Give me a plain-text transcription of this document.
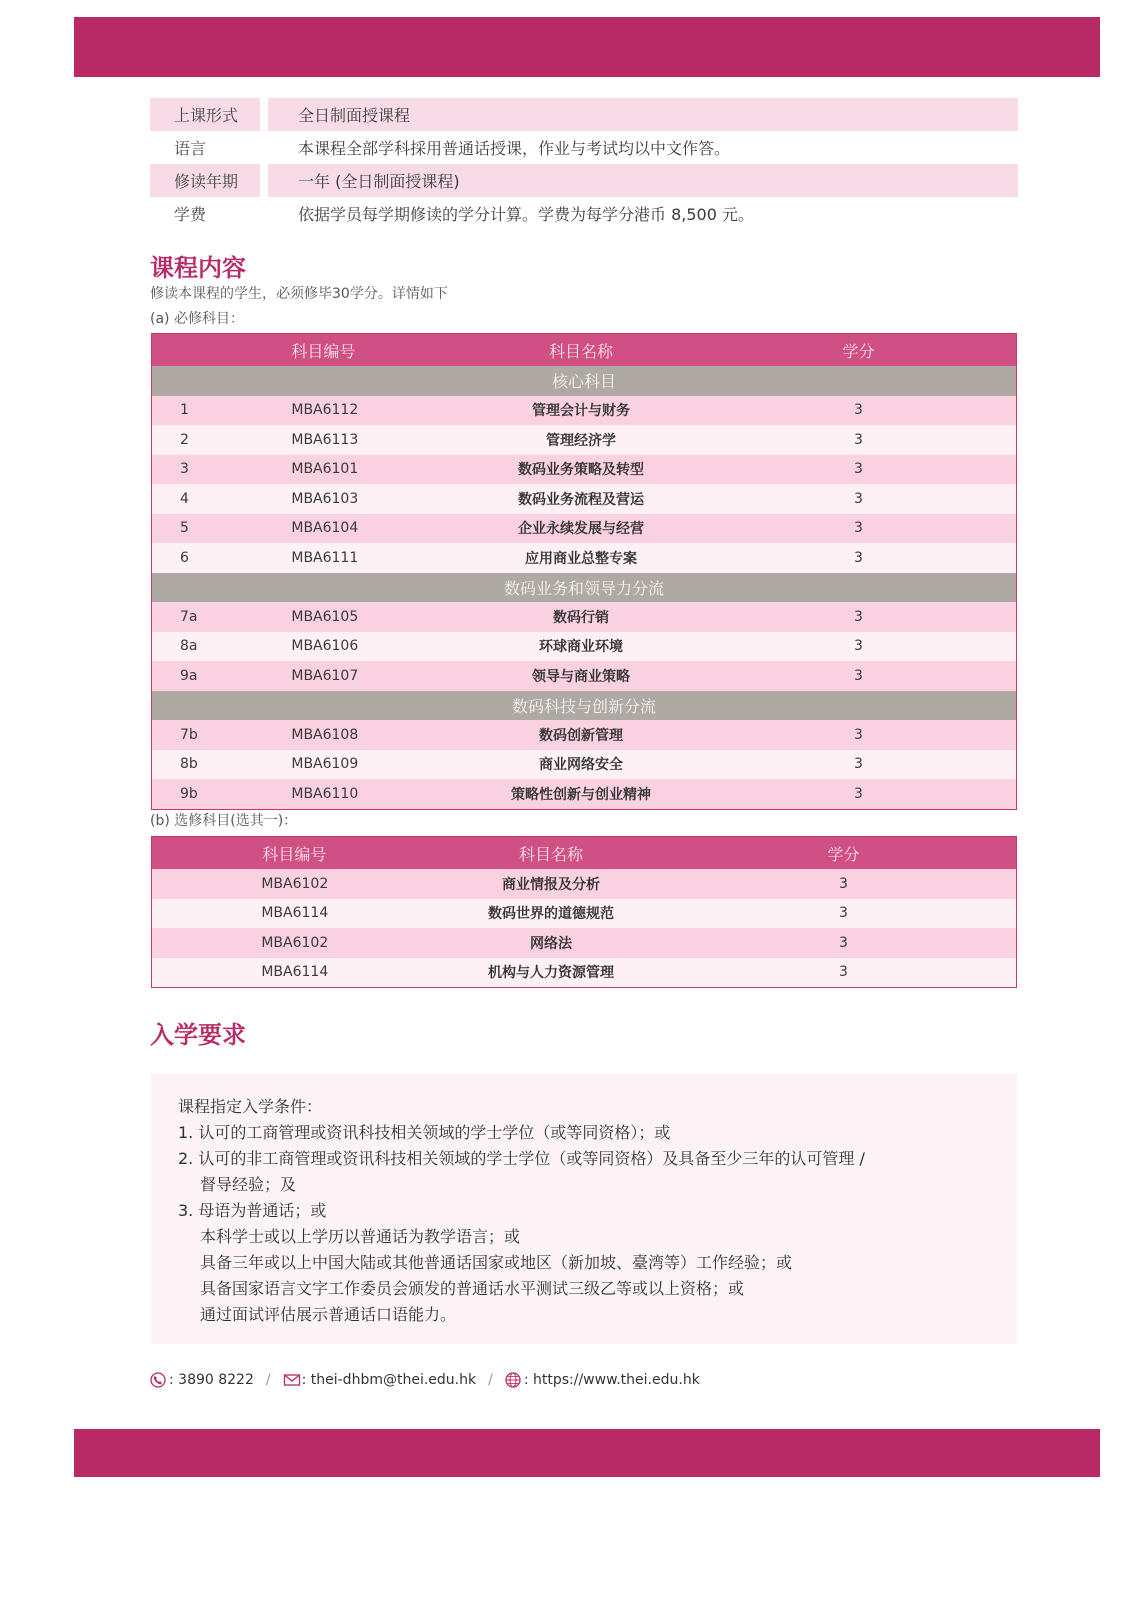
上课形式	全日制面授课程
语言	本课程全部学科採用普通话授课，作业与考试均以中文作答。
修读年期	一年 (全日制面授课程)
学费	依据学员每学期修读的学分计算。学费为每学分港币 8,500 元。
课程内容
修读本课程的学生，必须修毕30学分。详情如下
(a) 必修科目：
	科目编号	科目名称	学分
核心科目			
1	MBA6112	管理会计与财务	3
2	MBA6113	管理经济学	3
3	MBA6101	数码业务策略及转型	3
4	MBA6103	数码业务流程及营运	3
5	MBA6104	企业永续发展与经营	3
6	MBA6111	应用商业总整专案	3
数码业务和领导力分流			
7a	MBA6105	数码行销	3
8a	MBA6106	环球商业环境	3
9a	MBA6107	领导与商业策略	3
数码科技与创新分流			
7b	MBA6108	数码创新管理	3
8b	MBA6109	商业网络安全	3
9b	MBA6110	策略性创新与创业精神	3
(b) 选修科目(选其一)：
	科目编号	科目名称	学分
	MBA6102	商业情报及分析	3
	MBA6114	数码世界的道德规范	3
	MBA6102	网络法	3
	MBA6114	机构与人力资源管理	3
入学要求
课程指定入学条件：
1. 认可的工商管理或资讯科技相关领域的学士学位（或等同资格）；或
2. 认可的非工商管理或资讯科技相关领域的学士学位（或等同资格）及具备至少三年的认可管理 /
督导经验；及
3. 母语为普通话；或
本科学士或以上学历以普通话为教学语言；或
具备三年或以上中国大陆或其他普通话国家或地区（新加坡、臺湾等）工作经验；或
具备国家语言文字工作委员会颁发的普通话水平测试三级乙等或以上资格；或
通过面试评估展示普通话口语能力。
: 3890 8222 / : thei-dhbm@thei.edu.hk / : https://www.thei.edu.hk
